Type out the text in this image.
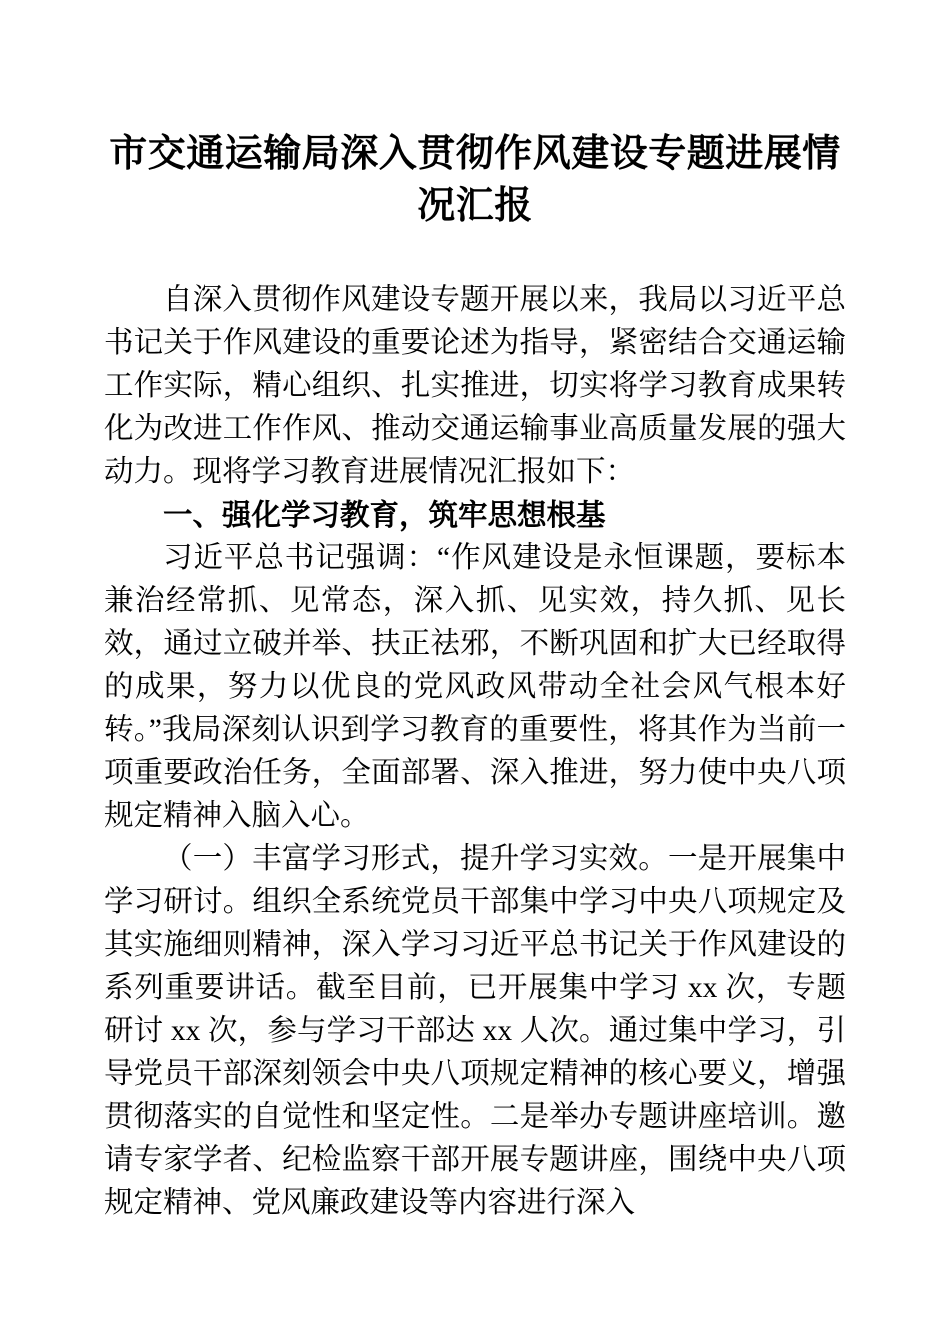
市交通运输局深入贯彻作风建设专题进展情况汇报

自深入贯彻作风建设专题开展以来，我局以习近平总书记关于作风建设的重要论述为指导，紧密结合交通运输工作实际，精心组织、扎实推进，切实将学习教育成果转化为改进工作作风、推动交通运输事业高质量发展的强大动力。现将学习教育进展情况汇报如下：

一、强化学习教育，筑牢思想根基

习近平总书记强调：“作风建设是永恒课题，要标本兼治经常抓、见常态，深入抓、见实效，持久抓、见长效，通过立破并举、扶正祛邪，不断巩固和扩大已经取得的成果，努力以优良的党风政风带动全社会风气根本好转。”我局深刻认识到学习教育的重要性，将其作为当前一项重要政治任务，全面部署、深入推进，努力使中央八项规定精神入脑入心。

（一）丰富学习形式，提升学习实效。一是开展集中学习研讨。组织全系统党员干部集中学习中央八项规定及其实施细则精神，深入学习习近平总书记关于作风建设的系列重要讲话。截至目前，已开展集中学习 xx 次，专题研讨 xx 次，参与学习干部达 xx 人次。通过集中学习，引导党员干部深刻领会中央八项规定精神的核心要义，增强贯彻落实的自觉性和坚定性。二是举办专题讲座培训。邀请专家学者、纪检监察干部开展专题讲座，围绕中央八项规定精神、党风廉政建设等内容进行深入
